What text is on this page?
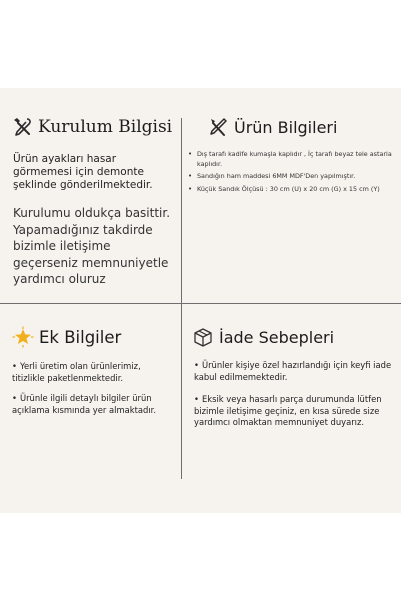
Kurulum Bilgisi

Ürün ayakları hasar görmemesi için demonte şeklinde gönderilmektedir.

Kurulumu oldukça basittir. Yapamadığınız takdirde bizimle iletişime geçerseniz memnuniyetle yardımcı oluruz

Ürün Bilgileri
• Dış tarafı kadife kumaşla kaplıdır , İç tarafı beyaz tele astarla kaplıdır.
• Sandığın ham maddesi 6MM MDF'Den yapılmıştır.
• Küçük Sandık Ölçüsü : 30 cm (U) x 20 cm (G) x 15 cm (Y)
Ek Bilgiler
• Yerli üretim olan ürünlerimiz, titizlikle paketlenmektedir.
• Ürünle ilgili detaylı bilgiler ürün açıklama kısmında yer almaktadır.
İade Sebepleri
• Ürünler kişiye özel hazırlandığı için keyfi iade kabul edilmemektedir.
• Eksik veya hasarlı parça durumunda lütfen bizimle iletişime geçiniz, en kısa sürede size yardımcı olmaktan memnuniyet duyarız.
